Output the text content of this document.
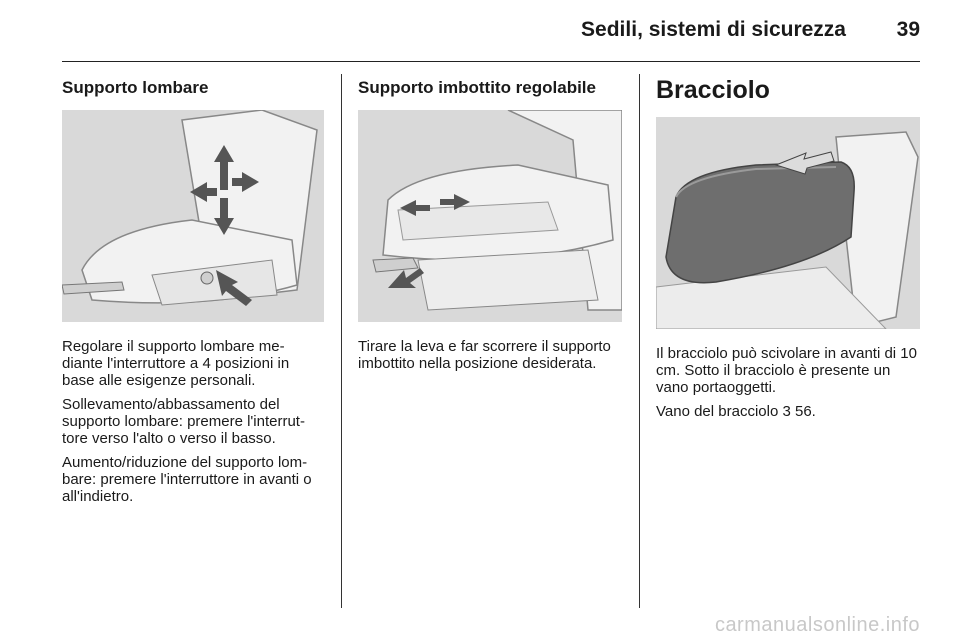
Sedili, sistemi di sicurezza 39
Supporto lombare

Regolare il supporto lombare me-diante l'interruttore a 4 posizioni in base alle esigenze personali.

Sollevamento/abbassamento del supporto lombare: premere l'interrut-tore verso l'alto o verso il basso.

Aumento/riduzione del supporto lom-bare: premere l'interruttore in avanti o all'indietro.

Supporto imbottito regolabile

Tirare la leva e far scorrere il supporto imbottito nella posizione desiderata.

Bracciolo

Il bracciolo può scivolare in avanti di 10 cm. Sotto il bracciolo è presente un vano portaoggetti.

Vano del bracciolo 3 56.

carmanualsonline.info
